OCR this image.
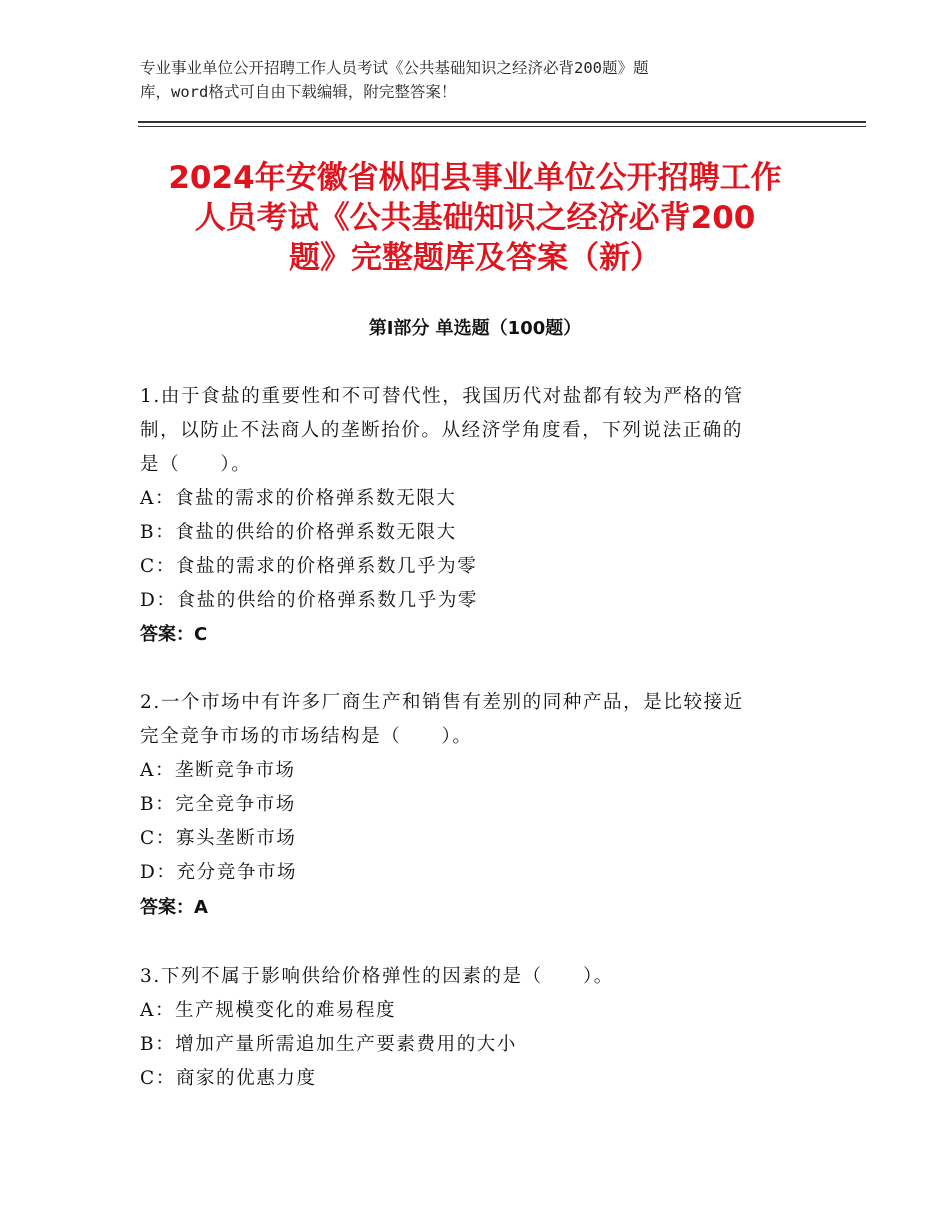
专业事业单位公开招聘工作人员考试《公共基础知识之经济必背200题》题
库，word格式可自由下载编辑，附完整答案！
2024年安徽省枞阳县事业单位公开招聘工作
人员考试《公共基础知识之经济必背200
题》完整题库及答案（新）
第Ⅰ部分 单选题（100题）
1.由于食盐的重要性和不可替代性，我国历代对盐都有较为严格的管
制，以防止不法商人的垄断抬价。从经济学角度看，下列说法正确的
是（　　）。
A：食盐的需求的价格弹系数无限大
B：食盐的供给的价格弹系数无限大
C：食盐的需求的价格弹系数几乎为零
D：食盐的供给的价格弹系数几乎为零
答案：C
2.一个市场中有许多厂商生产和销售有差别的同种产品，是比较接近
完全竞争市场的市场结构是（　　）。
A：垄断竞争市场
B：完全竞争市场
C：寡头垄断市场
D：充分竞争市场
答案：A
3.下列不属于影响供给价格弹性的因素的是（　　）。
A：生产规模变化的难易程度
B：增加产量所需追加生产要素费用的大小
C：商家的优惠力度
